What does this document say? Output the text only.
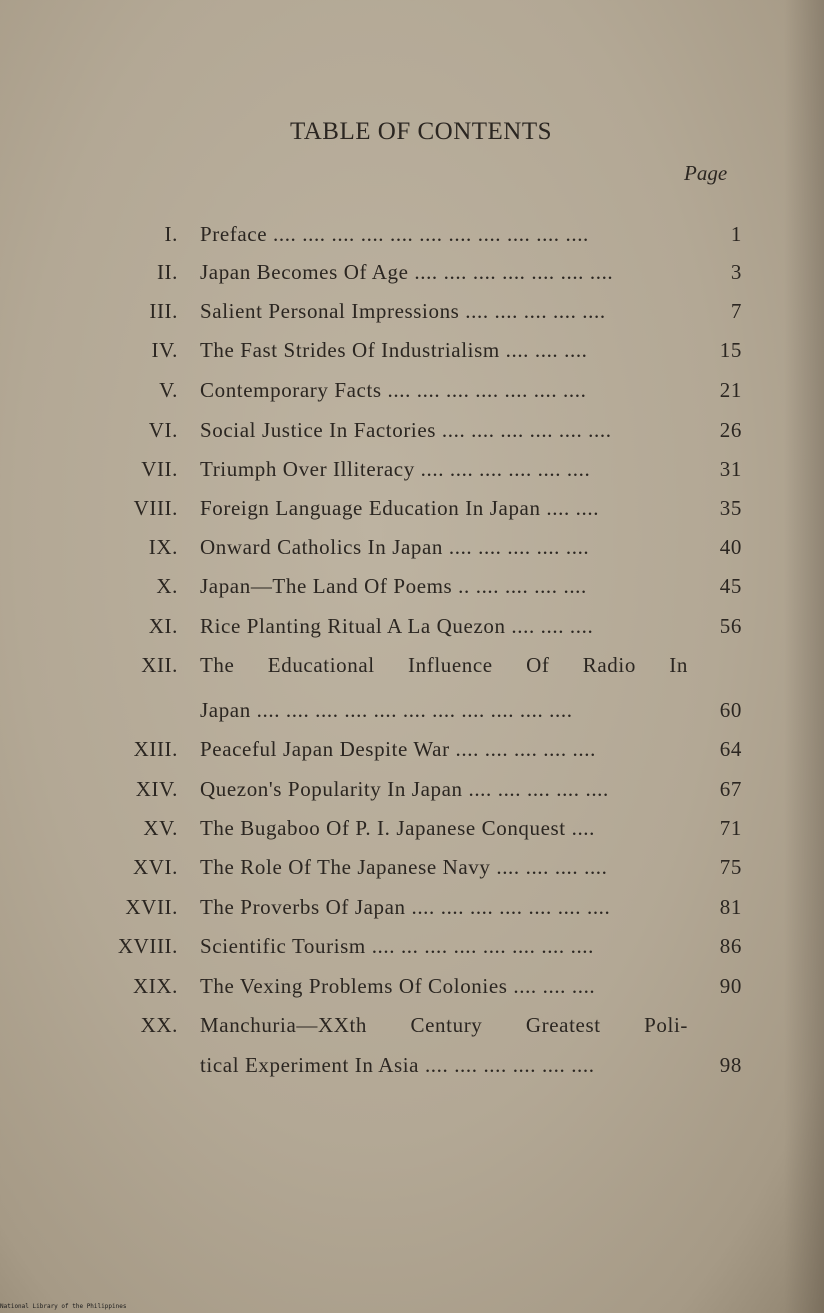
TABLE OF CONTENTS
Page
I. Preface .... .... .... .... .... .... .... .... .... .... ....	1
II. Japan Becomes Of Age .... .... .... .... .... .... ....	3
III. Salient Personal Impressions .... .... .... .... ....	7
IV. The Fast Strides Of Industrialism .... .... ....	15
V. Contemporary Facts .... .... .... .... .... .... ....	21
VI. Social Justice In Factories .... .... .... .... .... ....	26
VII. Triumph Over Illiteracy .... .... .... .... .... ....	31
VIII. Foreign Language Education In Japan .... ....	35
IX. Onward Catholics In Japan .... .... .... .... ....	40
X. Japan—The Land Of Poems .. .... .... .... ....	45
XI. Rice Planting Ritual A La Quezon .... .... ....	56
XII. The Educational Influence Of Radio In
Japan .... .... .... .... .... .... .... .... .... .... ....	60
XIII. Peaceful Japan Despite War .... .... .... .... ....	64
XIV. Quezon's Popularity In Japan .... .... .... .... ....	67
XV. The Bugaboo Of P. I. Japanese Conquest ....	71
XVI. The Role Of The Japanese Navy .... .... .... ....	75
XVII. The Proverbs Of Japan .... .... .... .... .... .... ....	81
XVIII. Scientific Tourism .... ... .... .... .... .... .... ....	86
XIX. The Vexing Problems Of Colonies .... .... ....	90
XX. Manchuria—XXth Century Greatest Poli-
tical Experiment In Asia .... .... .... .... .... ....	98
National Library of the Philippines
